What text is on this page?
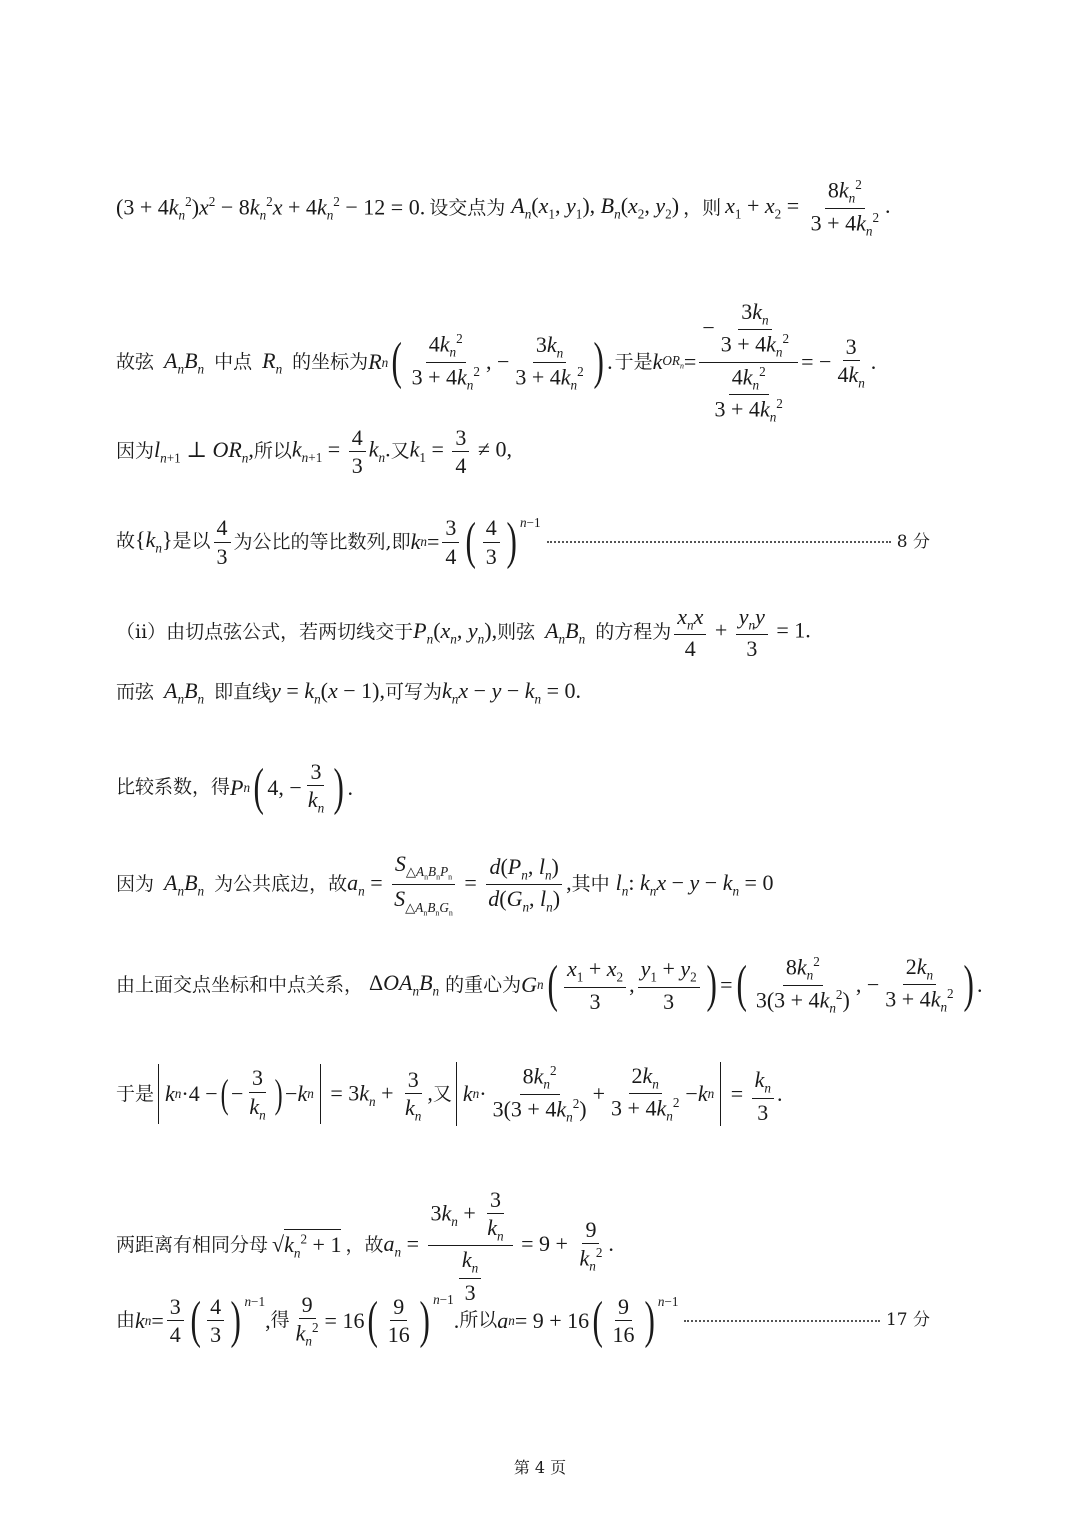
$(3 + 4k_n^2)x^2 - 8k_n^2x + 4k_n^2 - 12 = 0$. 设交点为 $A_n(x_1$, $y_1$), $B_n(x_2$, $y_2$) ，则 $x_1 + x_2 = \frac{8k_n^2}{3 + 4k_n^2}$ .
故弦 $A_nB_n$ 中点 $R_n$ 的坐标为 R n ( $\frac{4k_n^2}{3 + 4k_n^2}$ , − $\frac{3k_n}{3 + 4k_n^2}$ ) . 于是 k $OR_n = \frac{- \frac{3k_n}{3 + 4k_n^2}}{\frac{4k_n^2}{3 + 4k_n^2}}$ = − $\frac{3}{4k_n}$ .
因为 $l_{n+1}$ ⊥ $OR_n$, 所以 $k_{n+1} = \frac{4}{3} k_n$. 又 $k_1 = \frac{3}{4} \ne 0$,
故$\{k_n\}$是以 $\frac{4}{3}$ 为公比的等比数列, 即 k $n = \frac{3}{4}$ ( $\frac{4}{3}$ ) $^{n-1}$
8 分
（ii）由切点弦公式，若两切线交于 $P_n(x_n$, $y_n$), 则弦 $A_nB_n$ 的方程为 $\frac{x_nx}{4} + \frac{y_ny}{3} = 1$.
而弦 $A_nB_n$ 即直线 $y = k_n(x - 1)$, 可写为 $k_nx - y - k_n = 0$.
比较系数，得 P n ( 4, − $\frac{3}{k_n}$ ) .
因为 $A_nB_n$ 为公共底边，故 $a_n = \frac{S_{\triangle A_nB_nP_n}}{S_{\triangle A_nB_nG_n}} = \frac{d(P_n, l_n)}{d(G_n, l_n)}$ , 其中 $l_n$: $k_nx - y - k_n = 0$
由上面交点坐标和中点关系， $\Delta OA_nB_n$ 的重心为 G n ( $\frac{x_1 + x_2}{3}$ , $\frac{y_1 + y_2}{3}$ ) = ( $\frac{8k_n^2}{3(3 + 4k_n^2)}$ , − $\frac{2k_n}{3 + 4k_n^2}$ ) .
于是 k n ·4 − ( − $\frac{3}{k_n}$ ) − k $n = 3k_n + \frac{3}{k_n}$ , 又 k $n \cdot \frac{8k_n^2}{3(3 + 4k_n^2)} + \frac{2k_n}{3 + 4k_n^2} - k$ $n = \frac{k_n}{3}$ .
两距离有相同分母 $√k_n^2 + 1$ ，故 $a_n = \frac{3k_n + \frac{3}{k_n}}{\frac{k_n}{3}} = 9 + \frac{9}{k_n^2}$ .
由 k $n = \frac{3}{4}$ ( $\frac{4}{3}$ ) $^{n-1}$
, 得 $\frac{9}{k_n^2} = 16$ ( $\frac{9}{16}$ ) $^{n-1}$
. 所以 a n = 9 + 16 ( $\frac{9}{16}$ ) $^{n-1}$
17 分
第 4 页
